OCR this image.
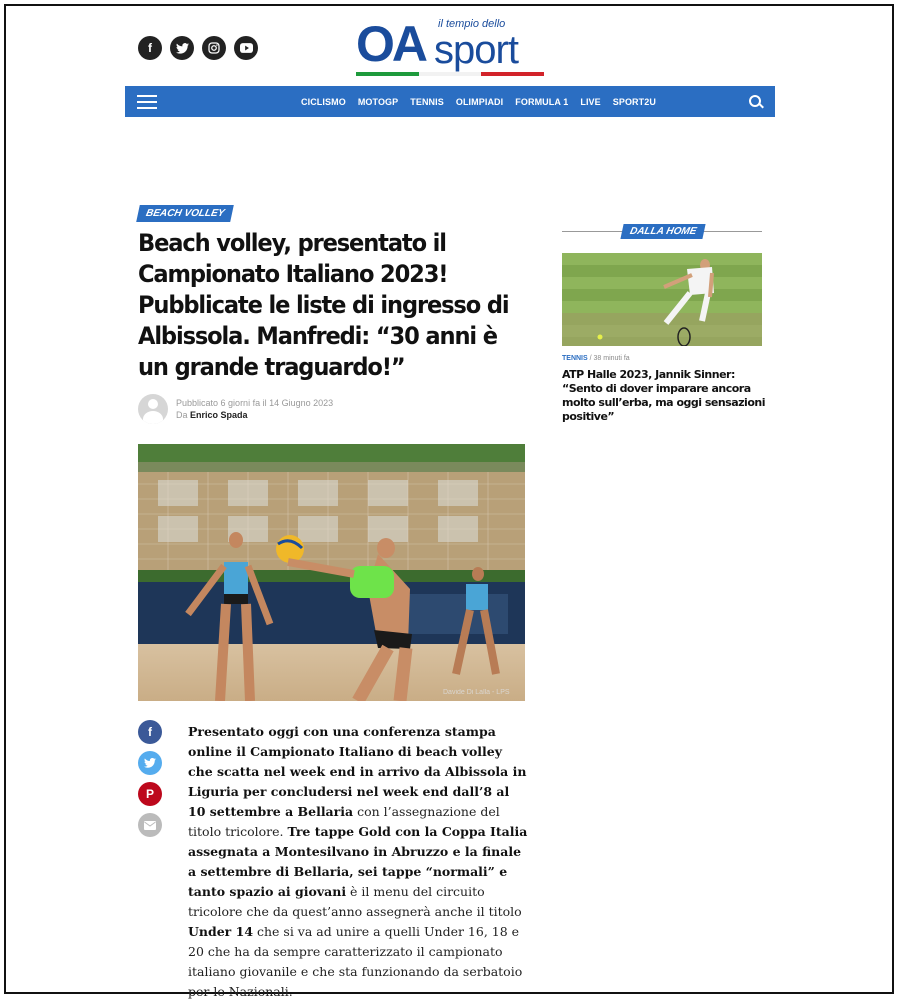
f	OA il tempio dello
sport
CICLISMO MOTOGP TENNIS OLIMPIADI FORMULA 1 LIVE SPORT2U
BEACH VOLLEY
Beach volley, presentato il Campionato Italiano 2023! Pubblicate le liste di ingresso di Albissola. Manfredi: “30 anni è un grande traguardo!”
Pubblicato 6 giorni fa il 14 Giugno 2023
Da Enrico Spada
Davide Di Lalla - LPS
f
P
Presentato oggi con una conferenza stampa online il Campionato Italiano di beach volley che scatta nel week end in arrivo da Albissola in Liguria per concludersi nel week end dall’8 al 10 settembre a Bellaria con l’assegnazione del titolo tricolore. Tre tappe Gold con la Coppa Italia assegnata a Montesilvano in Abruzzo e la finale a settembre di Bellaria, sei tappe “normali” e tanto spazio ai giovani è il menu del circuito tricolore che da quest’anno assegnerà anche il titolo Under 14 che si va ad unire a quelli Under 16, 18 e 20 che ha da sempre caratterizzato il campionato italiano giovanile e che sta funzionando da serbatoio per le Nazionali.
DALLA HOME
TENNIS / 38 minuti fa
ATP Halle 2023, Jannik Sinner: “Sento di dover imparare ancora molto sull’erba, ma oggi sensazioni positive”
